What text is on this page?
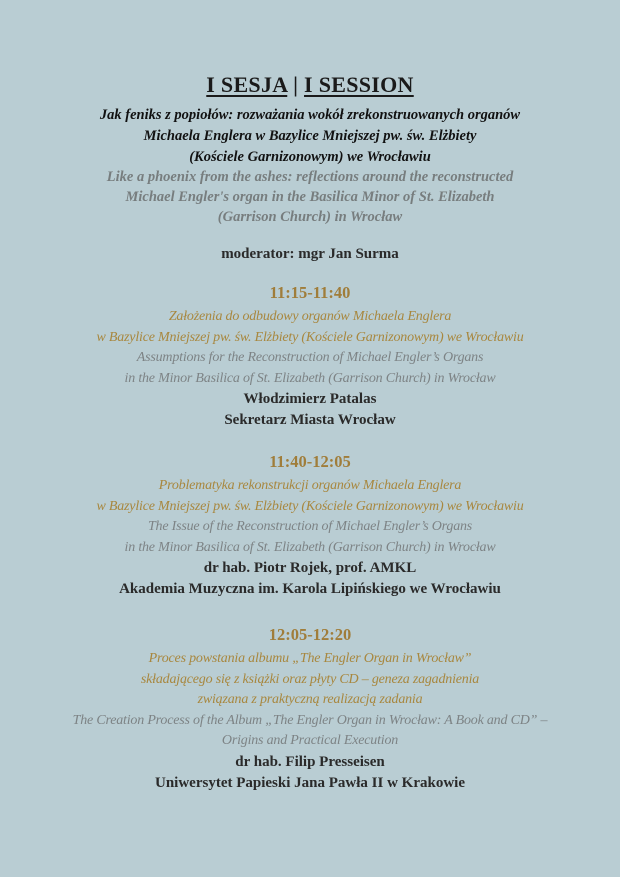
I SESJA | I SESSION
Jak feniks z popiołów: rozważania wokół zrekonstruowanych organów
Michaela Englera w Bazylice Mniejszej pw. św. Elżbiety
(Kościele Garnizonowym) we Wrocławiu
Like a phoenix from the ashes: reflections around the reconstructed
Michael Engler's organ in the Basilica Minor of St. Elizabeth
(Garrison Church) in Wrocław
moderator: mgr Jan Surma
11:15-11:40
Założenia do odbudowy organów Michaela Englera
w Bazylice Mniejszej pw. św. Elżbiety (Kościele Garnizonowym) we Wrocławiu
Assumptions for the Reconstruction of Michael Engler’s Organs
in the Minor Basilica of St. Elizabeth (Garrison Church) in Wrocław
Włodzimierz Patalas
Sekretarz Miasta Wrocław
11:40-12:05
Problematyka rekonstrukcji organów Michaela Englera
w Bazylice Mniejszej pw. św. Elżbiety (Kościele Garnizonowym) we Wrocławiu
The Issue of the Reconstruction of Michael Engler’s Organs
in the Minor Basilica of St. Elizabeth (Garrison Church) in Wrocław
dr hab. Piotr Rojek, prof. AMKL
Akademia Muzyczna im. Karola Lipińskiego we Wrocławiu
12:05-12:20
Proces powstania albumu „The Engler Organ in Wrocław”
składającego się z książki oraz płyty CD – geneza zagadnienia
związana z praktyczną realizacją zadania
The Creation Process of the Album „The Engler Organ in Wrocław: A Book and CD” –
Origins and Practical Execution
dr hab. Filip Presseisen
Uniwersytet Papieski Jana Pawła II w Krakowie
